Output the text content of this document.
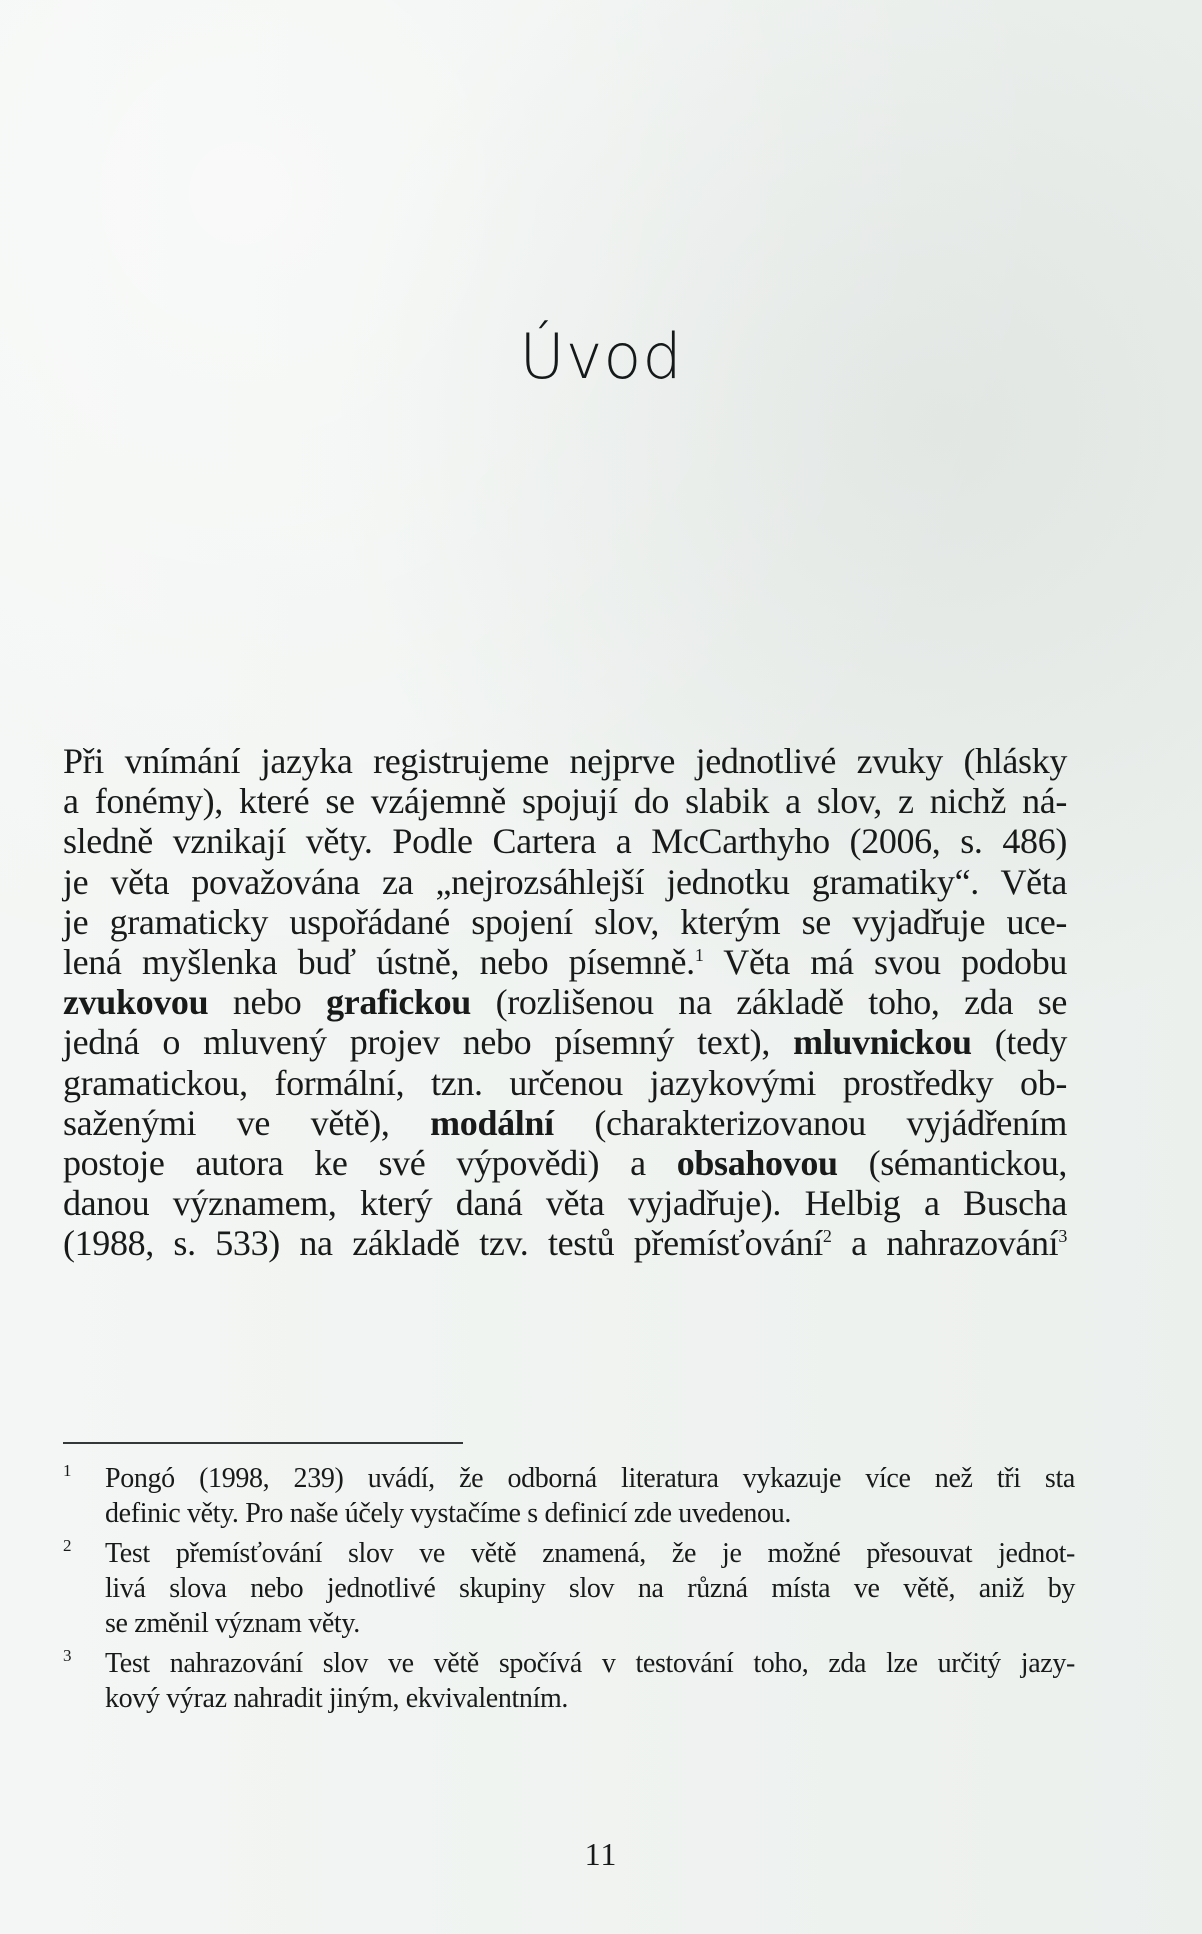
Úvod
Při vnímání jazyka registrujeme nejprve jednotlivé zvuky (hlásky
a fonémy), které se vzájemně spojují do slabik a slov, z nichž ná-
sledně vznikají věty. Podle Cartera a McCarthyho (2006, s. 486)
je věta považována za „nejrozsáhlejší jednotku gramatiky“. Věta
je gramaticky uspořádané spojení slov, kterým se vyjadřuje uce-
lená myšlenka buď ústně, nebo písemně.$^1$ Věta má svou podobu
zvukovou nebo grafickou (rozlišenou na základě toho, zda se
jedná o mluvený projev nebo písemný text), mluvnickou (tedy
gramatickou, formální, tzn. určenou jazykovými prostředky ob-
saženými ve větě), modální (charakterizovanou vyjádřením
postoje autora ke své výpovědi) a obsahovou (sémantickou,
danou významem, který daná věta vyjadřuje). Helbig a Buscha
(1988, s. 533) na základě tzv. testů přemísťování$^2$ a nahrazování$^3$
1	Pongó (1998, 239) uvádí, že odborná literatura vykazuje více než tři sta
definic věty. Pro naše účely vystačíme s definicí zde uvedenou.
2	Test přemísťování slov ve větě znamená, že je možné přesouvat jednot-
livá slova nebo jednotlivé skupiny slov na různá místa ve větě, aniž by
se změnil význam věty.
3	Test nahrazování slov ve větě spočívá v testování toho, zda lze určitý jazy-
kový výraz nahradit jiným, ekvivalentním.
11
